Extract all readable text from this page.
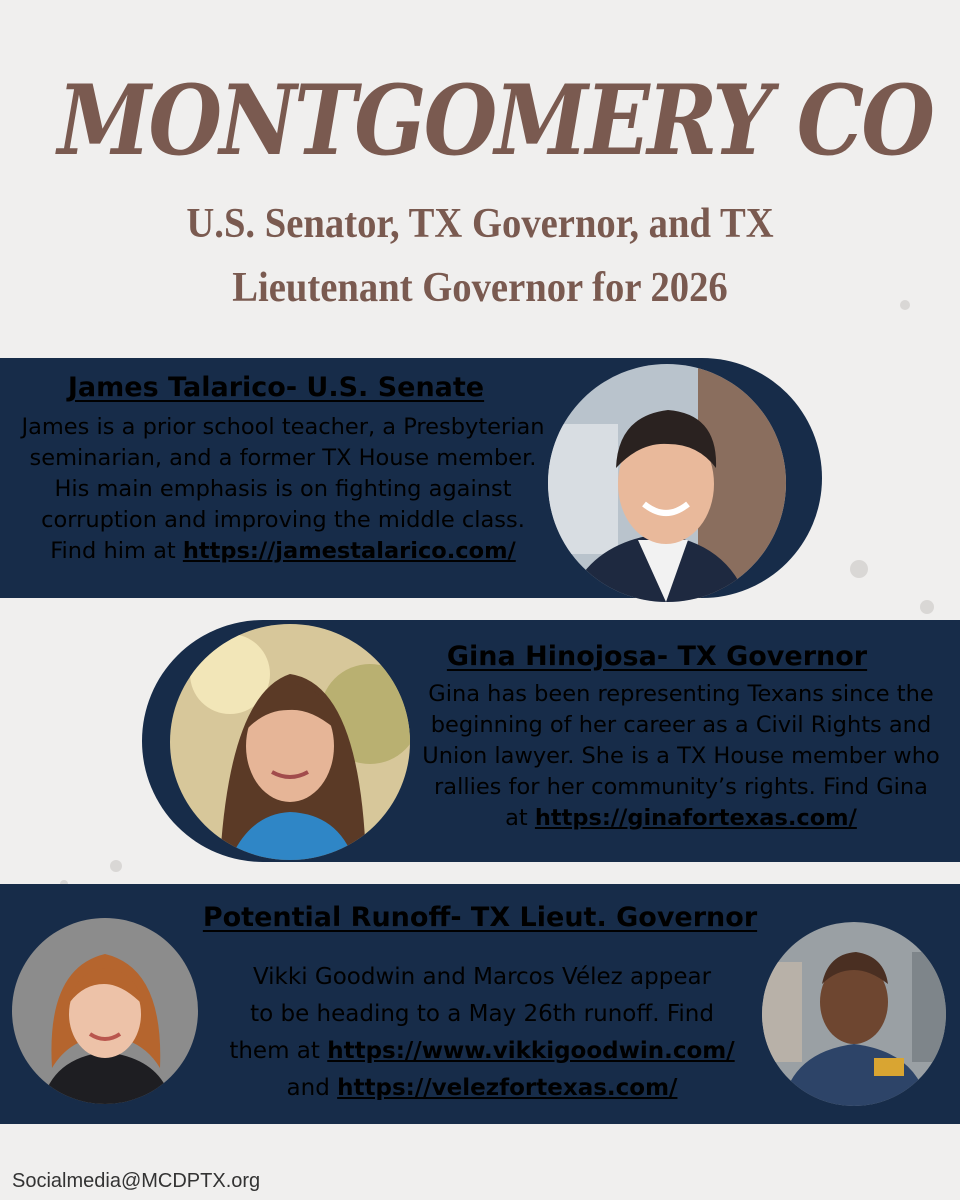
MONTGOMERY CO
U.S. Senator, TX Governor, and TX
Lieutenant Governor for 2026
James Talarico- U.S. Senate
James is a prior school teacher, a Presbyterian
seminarian, and a former TX House member.
His main emphasis is on fighting against
corruption and improving the middle class.
Find him at https://jamestalarico.com/
Gina Hinojosa- TX Governor
Gina has been representing Texans since the
beginning of her career as a Civil Rights and
Union lawyer. She is a TX House member who
rallies for her community’s rights. Find Gina
at https://ginafortexas.com/
Potential Runoff- TX Lieut. Governor
Vikki Goodwin and Marcos Vélez appear
to be heading to a May 26th runoff. Find
them at https://www.vikkigoodwin.com/
and https://velezfortexas.com/
Socialmedia@MCDPTX.org
